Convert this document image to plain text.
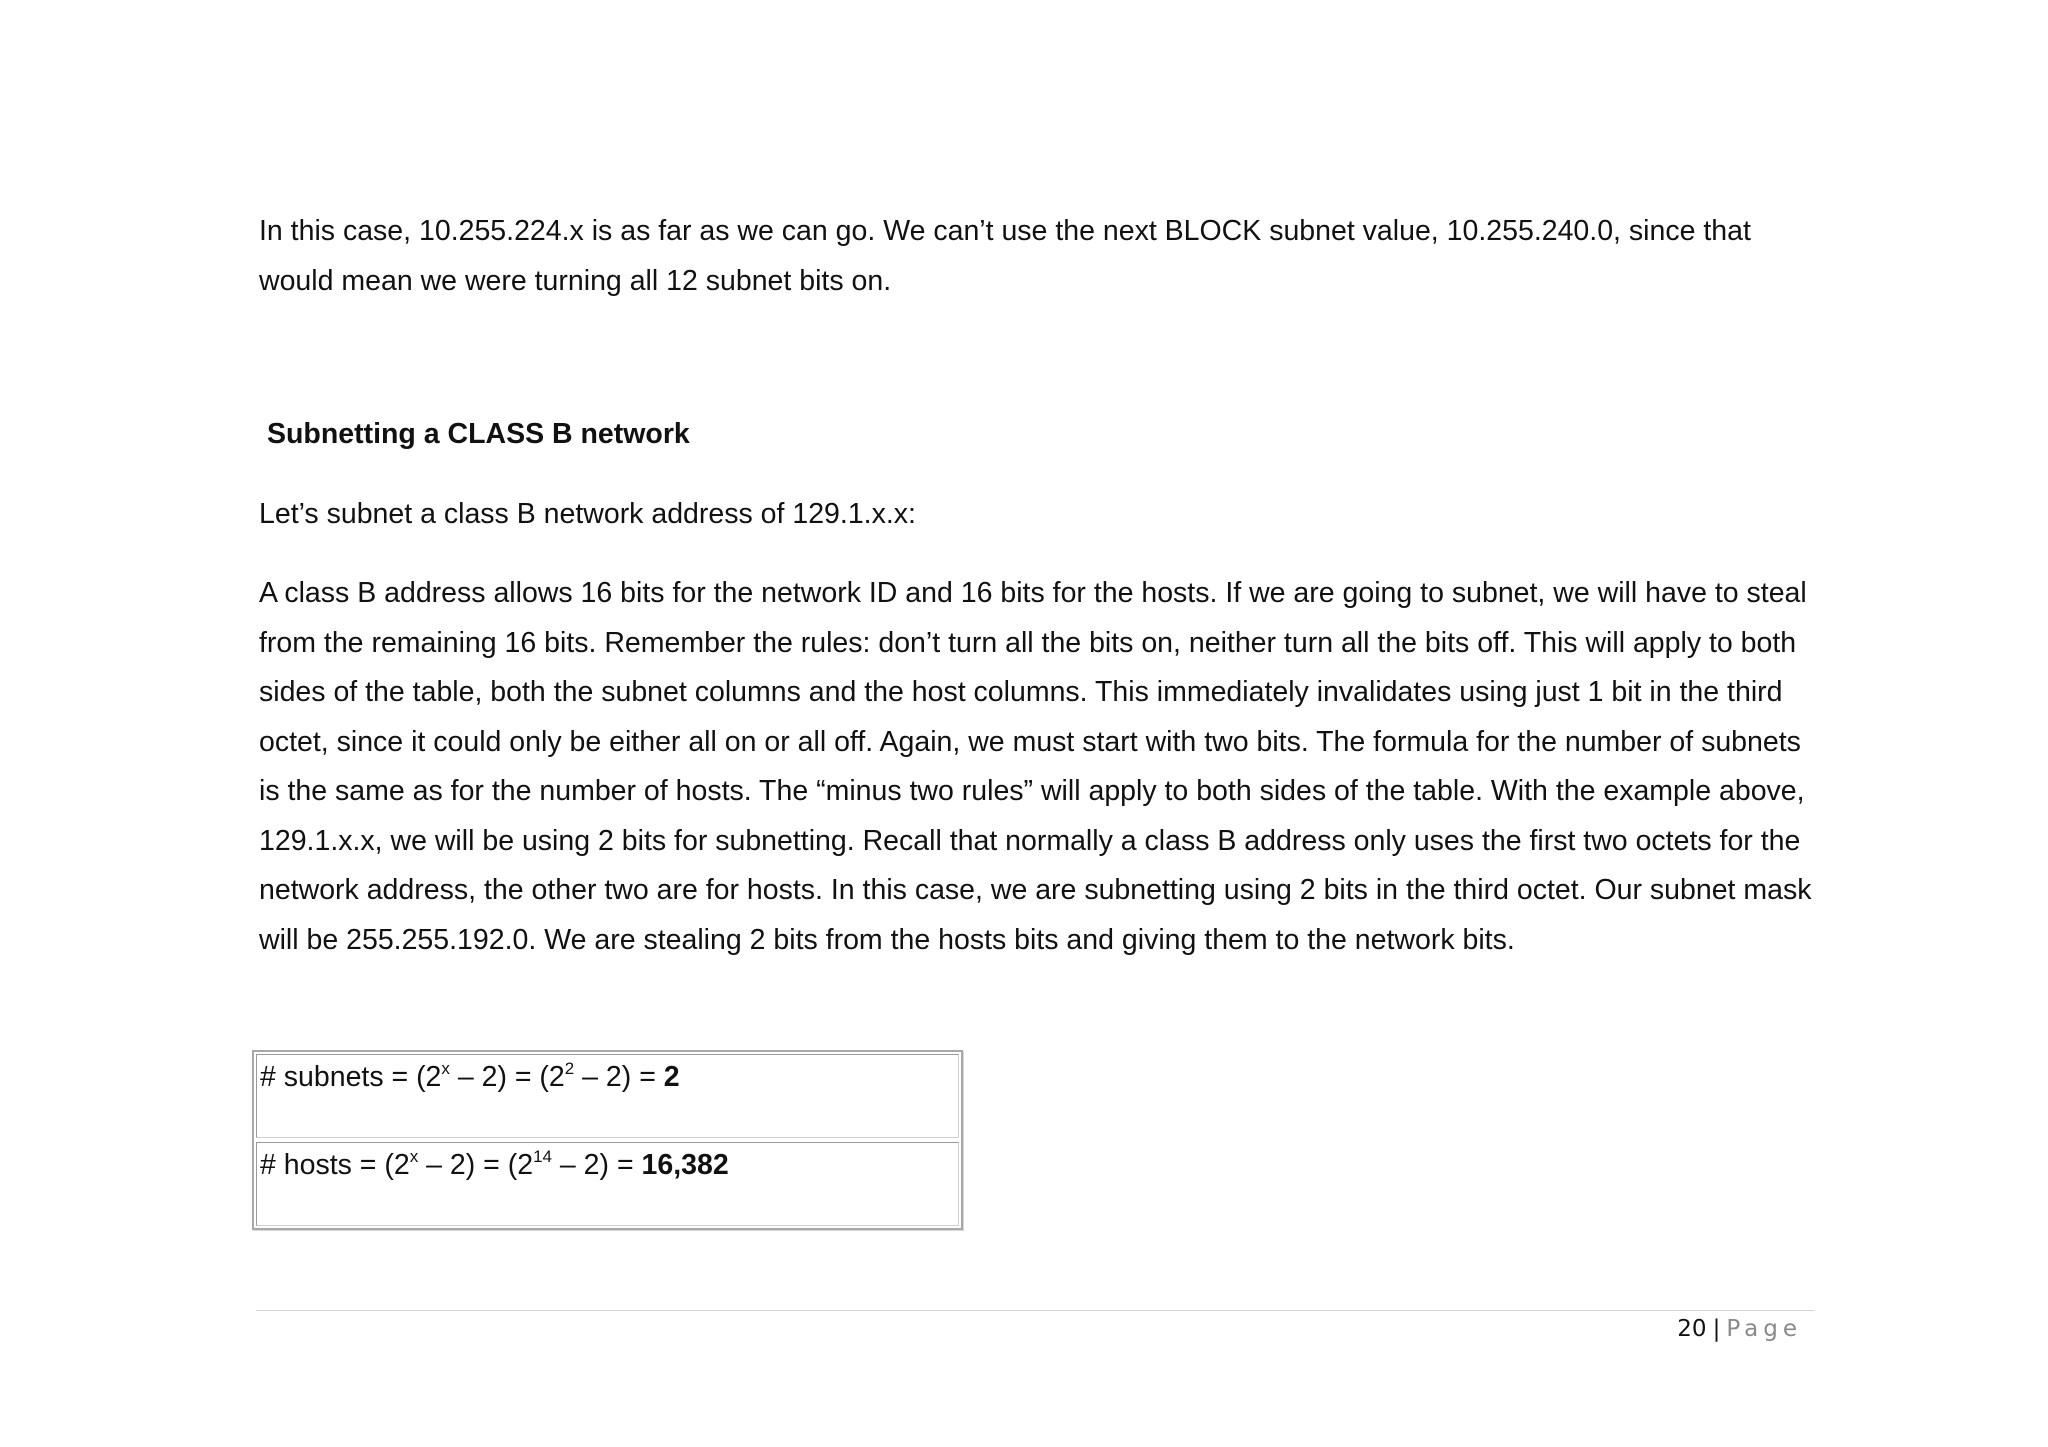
In this case, 10.255.224.x is as far as we can go. We can’t use the next BLOCK subnet value, 10.255.240.0, since that would mean we were turning all 12 subnet bits on.

Subnetting a CLASS B network

Let’s subnet a class B network address of 129.1.x.x:

A class B address allows 16 bits for the network ID and 16 bits for the hosts. If we are going to subnet, we will have to steal from the remaining 16 bits. Remember the rules: don’t turn all the bits on, neither turn all the bits off. This will apply to both sides of the table, both the subnet columns and the host columns. This immediately invalidates using just 1 bit in the third octet, since it could only be either all on or all off. Again, we must start with two bits. The formula for the number of subnets is the same as for the number of hosts. The “minus two rules” will apply to both sides of the table. With the example above, 129.1.x.x, we will be using 2 bits for subnetting. Recall that normally a class B address only uses the first two octets for the network address, the other two are for hosts. In this case, we are subnetting using 2 bits in the third octet. Our subnet mask will be 255.255.192.0. We are stealing 2 bits from the hosts bits and giving them to the network bits.

# subnets = $(2^x - 2) = (2^2 - 2) = 2$
# hosts = $(2^x - 2) = (2^{14} - 2) = 16,382$
20 | Page
